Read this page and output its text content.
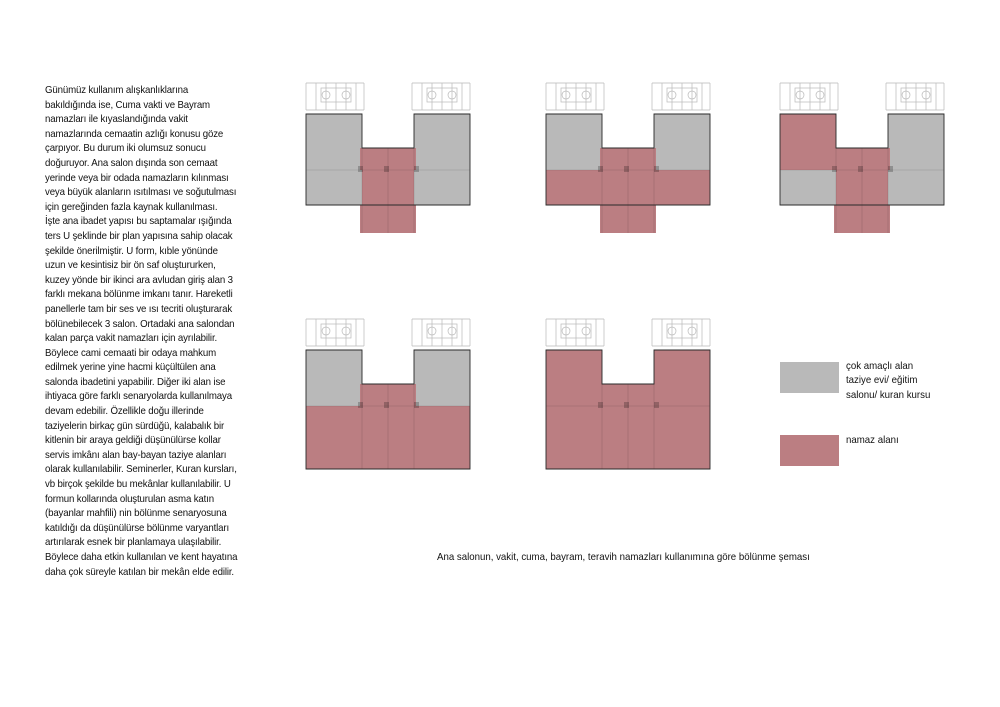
Günümüz kullanım alışkanlıklarına
bakıldığında ise, Cuma vakti ve Bayram
namazları ile kıyaslandığında vakit
namazlarında cemaatin azlığı konusu göze
çarpıyor. Bu durum iki olumsuz sonucu
doğuruyor. Ana salon dışında son cemaat
yerinde veya bir odada namazların kılınması
veya büyük alanların ısıtılması ve soğutulması
için gereğinden fazla kaynak kullanılması.
İşte ana ibadet yapısı bu saptamalar ışığında
ters U şeklinde bir plan yapısına sahip olacak
şekilde önerilmiştir. U form, kıble yönünde
uzun ve kesintisiz bir ön saf oluştururken,
kuzey yönde bir ikinci ara avludan giriş alan 3
farklı mekana bölünme imkanı tanır. Hareketli
panellerle tam bir ses ve ısı tecriti oluşturarak
bölünebilecek 3 salon. Ortadaki ana salondan
kalan parça vakit namazları için ayrılabilir.
Böylece cami cemaati bir odaya mahkum
edilmek yerine yine hacmi küçültülen ana
salonda ibadetini yapabilir. Diğer iki alan ise
ihtiyaca göre farklı senaryolarda kullanılmaya
devam edebilir. Özellikle doğu illerinde
taziyelerin birkaç gün sürdüğü, kalabalık bir
kitlenin bir araya geldiği düşünülürse kollar
servis imkânı alan bay-bayan taziye alanları
olarak kullanılabilir. Seminerler, Kuran kursları,
vb birçok şekilde bu mekânlar kullanılabilir. U
formun kollarında oluşturulan asma katın
(bayanlar mahfili) nin bölünme senaryosuna
katıldığı da düşünülürse bölünme varyantları
artırılarak esnek bir planlamaya ulaşılabilir.
Böylece daha etkin kullanılan ve kent hayatına
daha çok süreyle katılan bir mekân elde edilir.
çok amaçlı alan
taziye evi/ eğitim
salonu/ kuran kursu
namaz alanı
Ana salonun, vakit, cuma, bayram, teravih namazları kullanımına göre bölünme şeması
